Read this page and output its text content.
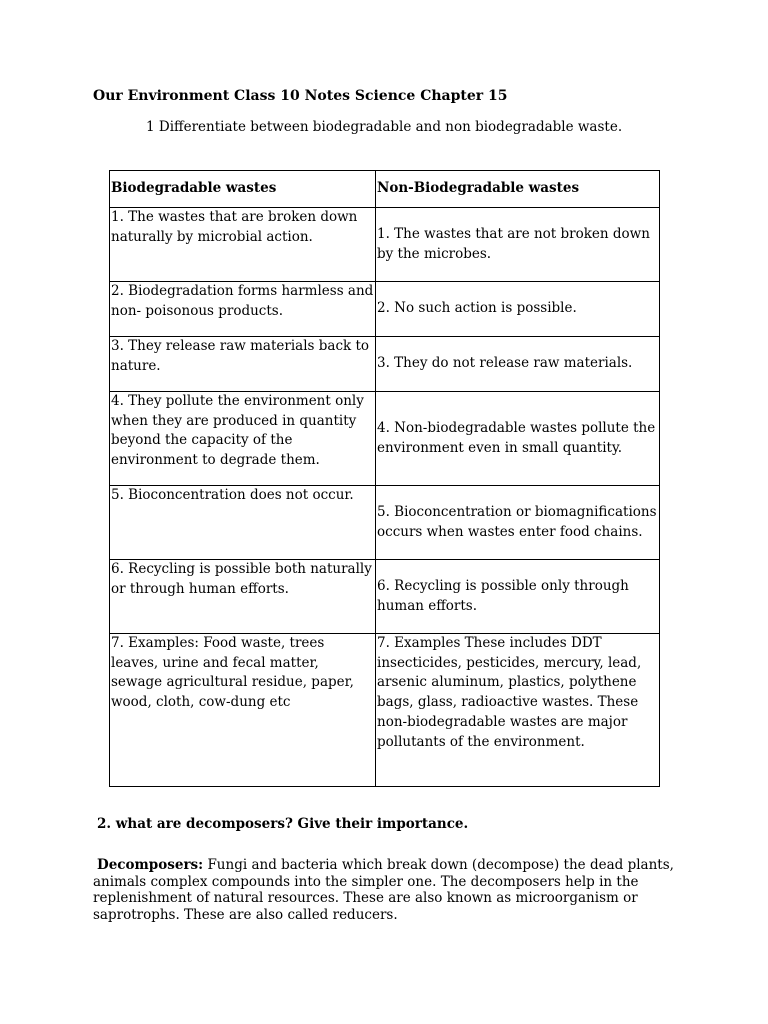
Our Environment Class 10 Notes Science Chapter 15
1 Differentiate between biodegradable and non biodegradable waste.
Biodegradable wastes	Non-Biodegradable wastes
1. The wastes that are broken down naturally by microbial action.	1. The wastes that are not broken down by the microbes.
2. Biodegradation forms harmless and non- poisonous products.	2. No such action is possible.
3. They release raw materials back to nature.	3. They do not release raw materials.
4. They pollute the environment only when they are produced in quantity beyond the capacity of the environment to degrade them.	4. Non-biodegradable wastes pollute the environment even in small quantity.
5. Bioconcentration does not occur.	5. Bioconcentration or biomagnifications occurs when wastes enter food chains.
6. Recycling is possible both naturally or through human efforts.	6. Recycling is possible only through human efforts.
7. Examples: Food waste, trees leaves, urine and fecal matter, sewage agricultural residue, paper, wood, cloth, cow-dung etc	7. Examples These includes DDT insecticides, pesticides, mercury, lead, arsenic aluminum, plastics, polythene bags, glass, radioactive wastes. These non-biodegradable wastes are major pollutants of the environment.
2. what are decomposers? Give their importance.
Decomposers: Fungi and bacteria which break down (decompose) the dead plants, animals complex compounds into the simpler one. The decomposers help in the replenishment of natural resources. These are also known as microorganism or saprotrophs. These are also called reducers.
